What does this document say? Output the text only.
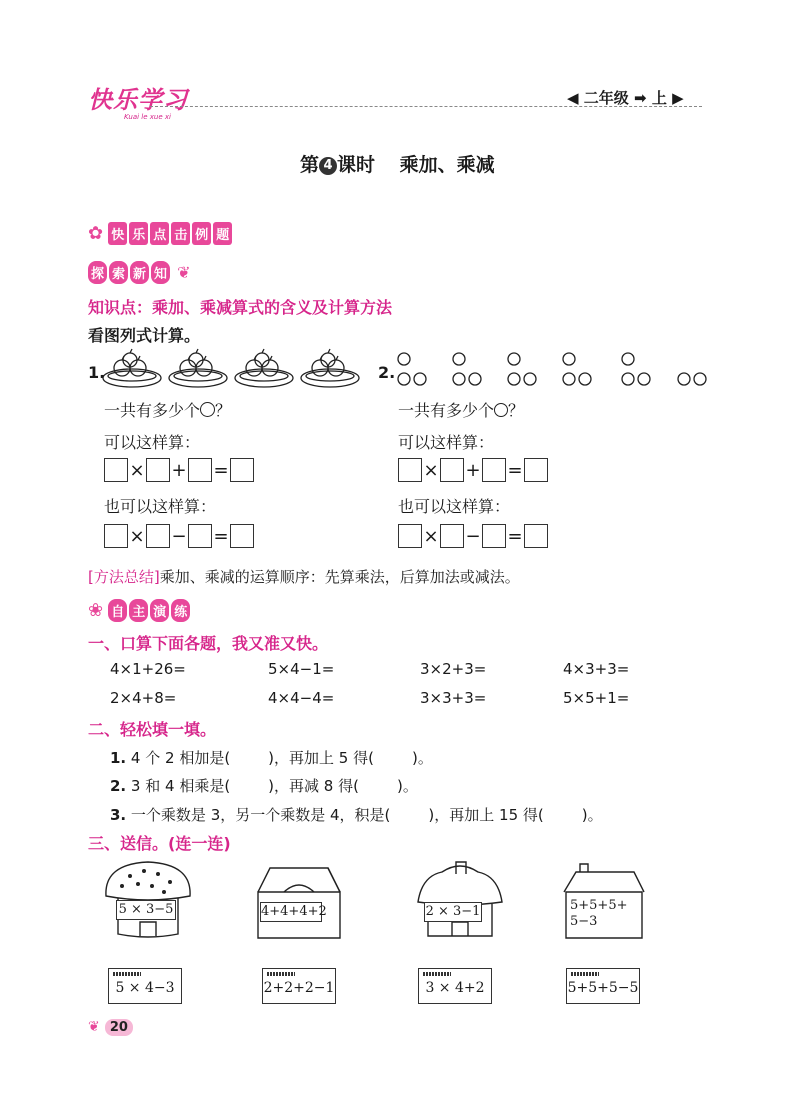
快乐学习
Kuai le xue xi
◀ 二年级 ➡ 上 ▶
第 4 课时 乘加、乘减
✿ 快 乐 点 击 例 题
探 索 新 知 ❦
知识点：乘加、乘减算式的含义及计算方法
看图列式计算。
1.
一共有多少个 ？
可以这样算：
× + =
也可以这样算：
× − =
2.
一共有多少个 ？
可以这样算：
× + =
也可以这样算：
× − =
[方法总结]乘加、乘减的运算顺序：先算乘法，后算加法或减法。
❀ 自 主 演 练
一、口算下面各题，我又准又快。
4×1+26=	5×4−1=	3×2+3=	4×3+3=
2×4+8=	4×4−4=	3×3+3=	5×5+1=
二、轻松填一填。
1. 4 个 2 相加是(	)，再加上 5 得(	)。
2. 3 和 4 相乘是(	)，再减 8 得(	)。
3. 一个乘数是 3，另一个乘数是 4，积是(	)，再加上 15 得(	)。
三、送信。(连一连)
5 × 3−5	4+4+4+2	2 × 3−1	5+5+5+
5−3
5 × 4−3	2+2+2−1	3 × 4+2	5+5+5−5
❦ 20
